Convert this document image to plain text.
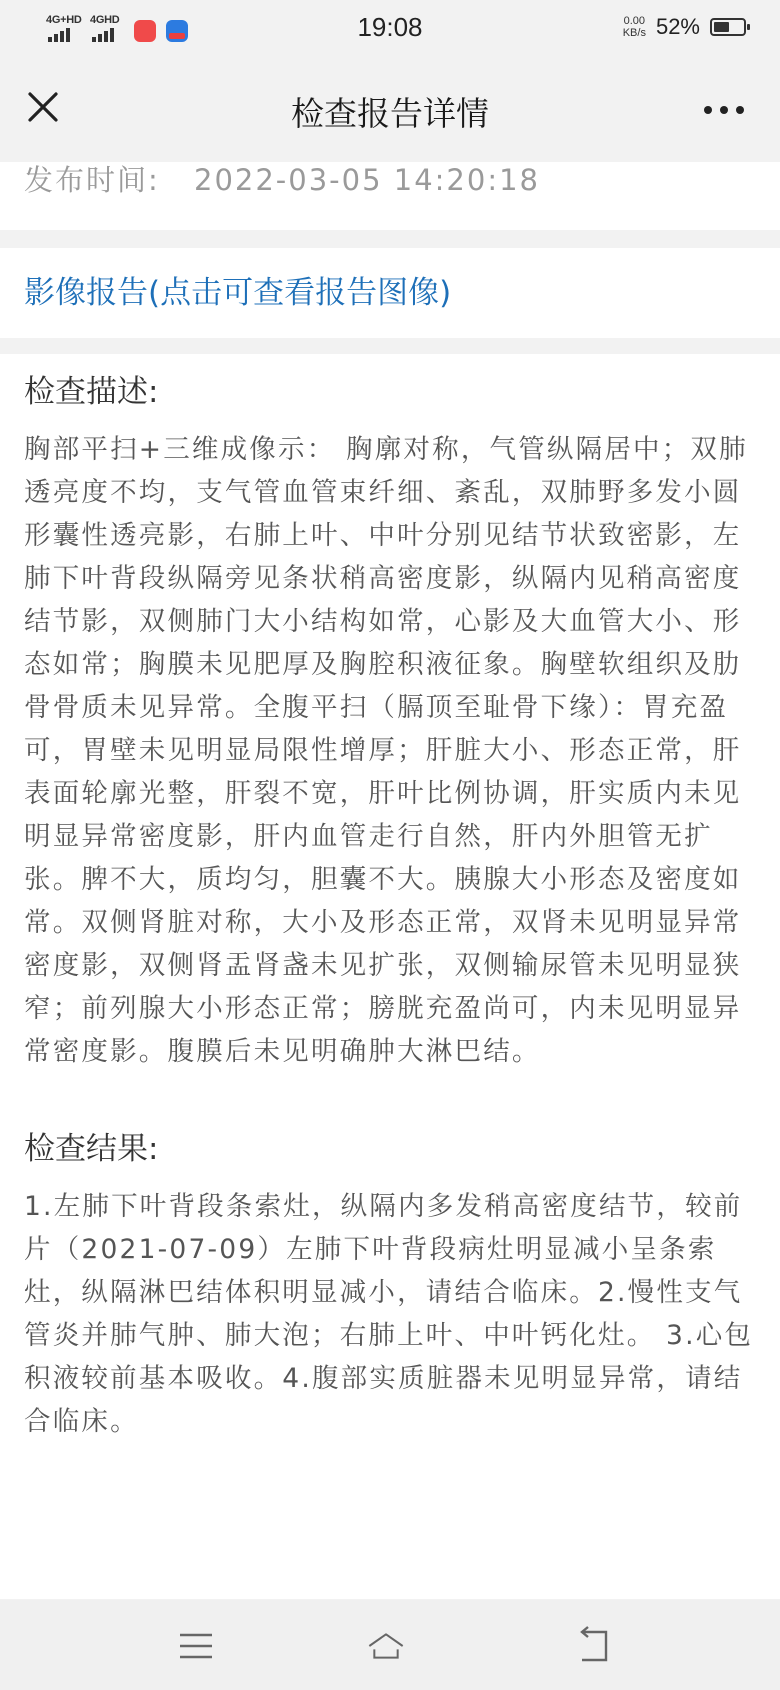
4G+HD 4GHD	19:08	0.00
KB/s 52%
检查报告详情
发布时间: 2022-03-05 14:20:18
影像报告(点击可查看报告图像)
检查描述:

胸部平扫+三维成像示： 胸廓对称，气管纵隔居中；双肺透亮度不均，支气管血管束纤细、紊乱，双肺野多发小圆形囊性透亮影，右肺上叶、中叶分别见结节状致密影，左肺下叶背段纵隔旁见条状稍高密度影，纵隔内见稍高密度结节影，双侧肺门大小结构如常，心影及大血管大小、形态如常；胸膜未见肥厚及胸腔积液征象。胸壁软组织及肋骨骨质未见异常。全腹平扫（膈顶至耻骨下缘）：胃充盈可，胃壁未见明显局限性增厚；肝脏大小、形态正常，肝表面轮廓光整，肝裂不宽，肝叶比例协调，肝实质内未见明显异常密度影，肝内血管走行自然，肝内外胆管无扩张。脾不大，质均匀，胆囊不大。胰腺大小形态及密度如常。双侧肾脏对称，大小及形态正常，双肾未见明显异常密度影，双侧肾盂肾盏未见扩张，双侧输尿管未见明显狭窄；前列腺大小形态正常；膀胱充盈尚可，内未见明显异常密度影。腹膜后未见明确肿大淋巴结。

检查结果:

1.左肺下叶背段条索灶，纵隔内多发稍高密度结节，较前片（2021-07-09）左肺下叶背段病灶明显减小呈条索灶，纵隔淋巴结体积明显减小，请结合临床。2.慢性支气管炎并肺气肿、肺大泡；右肺上叶、中叶钙化灶。 3.心包积液较前基本吸收。4.腹部实质脏器未见明显异常，请结合临床。
